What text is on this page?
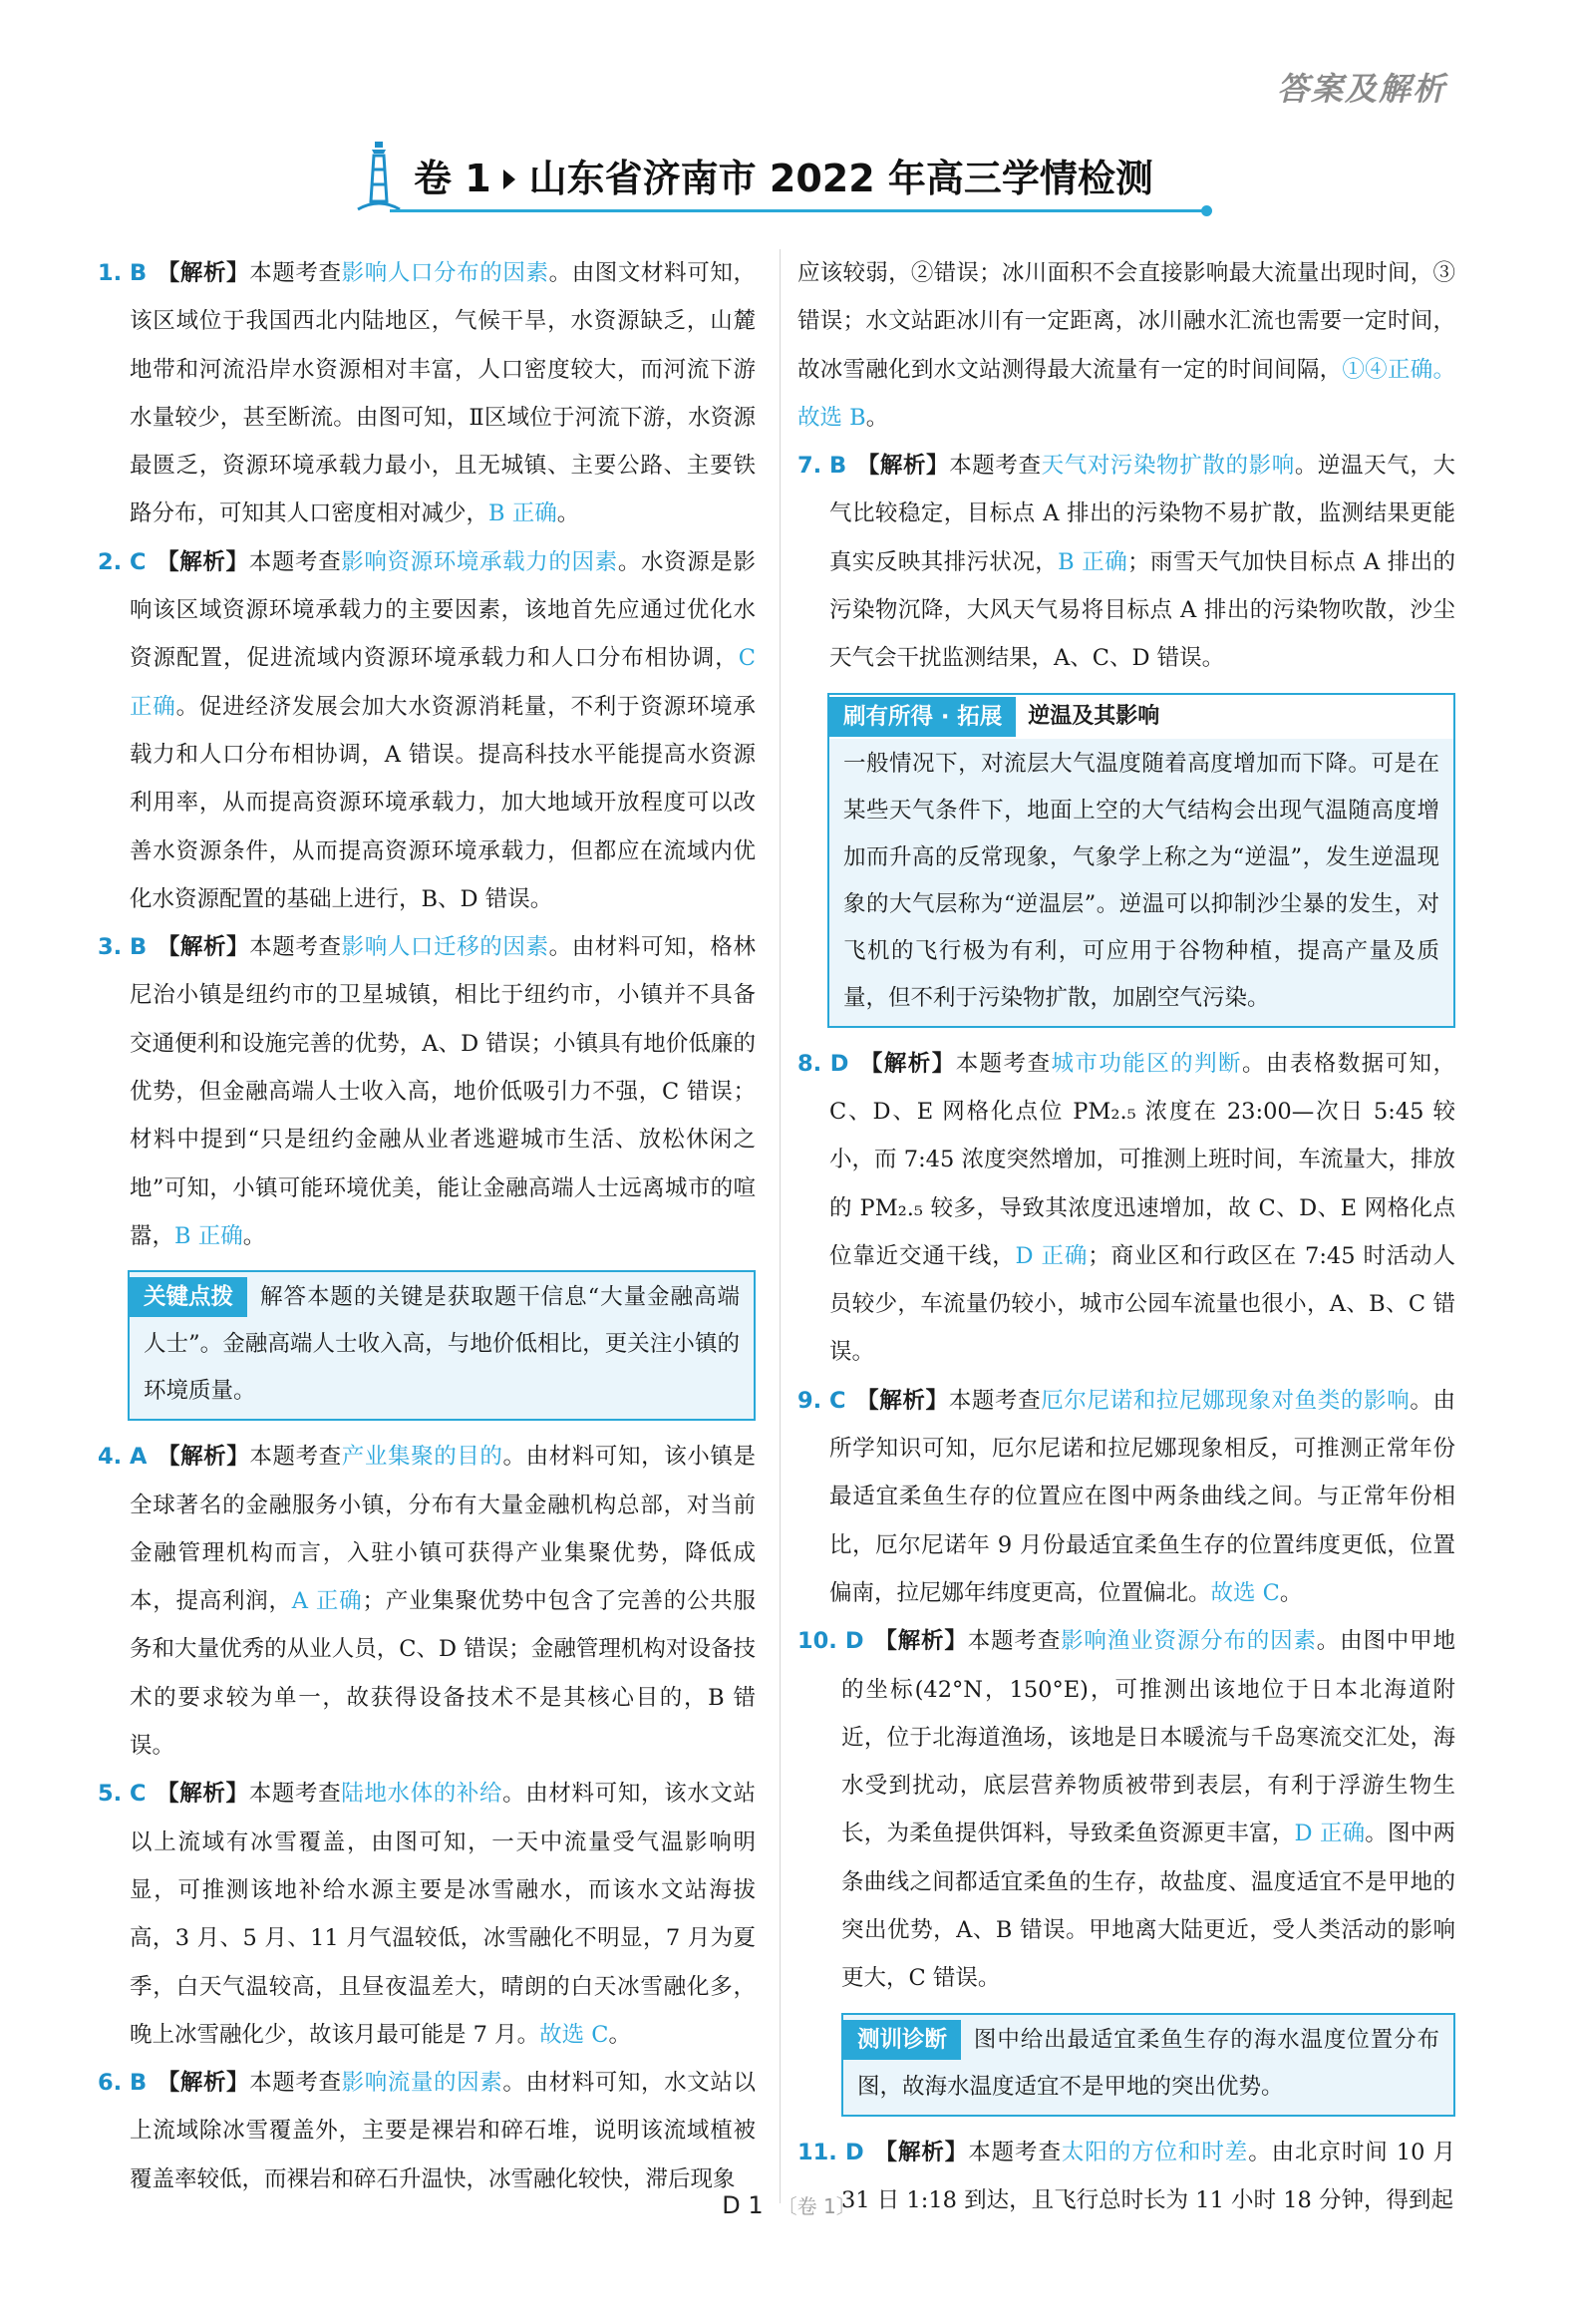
答案及解析
卷 1 山东省济南市 2022 年高三学情检测

1. B 【解析】本题考查影响人口分布的因素。由图文材料可知，该区域位于我国西北内陆地区，气候干旱，水资源缺乏，山麓地带和河流沿岸水资源相对丰富，人口密度较大，而河流下游水量较少，甚至断流。由图可知，Ⅱ区域位于河流下游，水资源最匮乏，资源环境承载力最小，且无城镇、主要公路、主要铁路分布，可知其人口密度相对减少，B 正确。

2. C 【解析】本题考查影响资源环境承载力的因素。水资源是影响该区域资源环境承载力的主要因素，该地首先应通过优化水资源配置，促进流域内资源环境承载力和人口分布相协调，C 正确。促进经济发展会加大水资源消耗量，不利于资源环境承载力和人口分布相协调，A 错误。提高科技水平能提高水资源利用率，从而提高资源环境承载力，加大地域开放程度可以改善水资源条件，从而提高资源环境承载力，但都应在流域内优化水资源配置的基础上进行，B、D 错误。

3. B 【解析】本题考查影响人口迁移的因素。由材料可知，格林尼治小镇是纽约市的卫星城镇，相比于纽约市，小镇并不具备交通便利和设施完善的优势，A、D 错误；小镇具有地价低廉的优势，但金融高端人士收入高，地价低吸引力不强，C 错误；材料中提到“只是纽约金融从业者逃避城市生活、放松休闲之地”可知，小镇可能环境优美，能让金融高端人士远离城市的喧嚣，B 正确。

关键点拨 解答本题的关键是获取题干信息“大量金融高端人士”。金融高端人士收入高，与地价低相比，更关注小镇的环境质量。

4. A 【解析】本题考查产业集聚的目的。由材料可知，该小镇是全球著名的金融服务小镇，分布有大量金融机构总部，对当前金融管理机构而言，入驻小镇可获得产业集聚优势，降低成本，提高利润，A 正确；产业集聚优势中包含了完善的公共服务和大量优秀的从业人员，C、D 错误；金融管理机构对设备技术的要求较为单一，故获得设备技术不是其核心目的，B 错误。

5. C 【解析】本题考查陆地水体的补给。由材料可知，该水文站以上流域有冰雪覆盖，由图可知，一天中流量受气温影响明显，可推测该地补给水源主要是冰雪融水，而该水文站海拔高，3 月、5 月、11 月气温较低，冰雪融化不明显，7 月为夏季，白天气温较高，且昼夜温差大，晴朗的白天冰雪融化多，晚上冰雪融化少，故该月最可能是 7 月。故选 C。

6. B 【解析】本题考查影响流量的因素。由材料可知，水文站以上流域除冰雪覆盖外，主要是裸岩和碎石堆，说明该流域植被覆盖率较低，而裸岩和碎石升温快，冰雪融化较快，滞后现象

应该较弱，②错误；冰川面积不会直接影响最大流量出现时间，③错误；水文站距冰川有一定距离，冰川融水汇流也需要一定时间，故冰雪融化到水文站测得最大流量有一定的时间间隔，①④正确。故选 B。

7. B 【解析】本题考查天气对污染物扩散的影响。逆温天气，大气比较稳定，目标点 A 排出的污染物不易扩散，监测结果更能真实反映其排污状况，B 正确；雨雪天气加快目标点 A 排出的污染物沉降，大风天气易将目标点 A 排出的污染物吹散，沙尘天气会干扰监测结果，A、C、D 错误。

刷有所得 · 拓展	逆温及其影响
一般情况下，对流层大气温度随着高度增加而下降。可是在某些天气条件下，地面上空的大气结构会出现气温随高度增加而升高的反常现象，气象学上称之为“逆温”，发生逆温现象的大气层称为“逆温层”。逆温可以抑制沙尘暴的发生，对飞机的飞行极为有利，可应用于谷物种植，提高产量及质量，但不利于污染物扩散，加剧空气污染。

8. D 【解析】本题考查城市功能区的判断。由表格数据可知，C、D、E 网格化点位 PM₂.₅ 浓度在 23:00—次日 5:45 较小，而 7:45 浓度突然增加，可推测上班时间，车流量大，排放的 PM₂.₅ 较多，导致其浓度迅速增加，故 C、D、E 网格化点位靠近交通干线，D 正确；商业区和行政区在 7:45 时活动人员较少，车流量仍较小，城市公园车流量也很小，A、B、C 错误。

9. C 【解析】本题考查厄尔尼诺和拉尼娜现象对鱼类的影响。由所学知识可知，厄尔尼诺和拉尼娜现象相反，可推测正常年份最适宜柔鱼生存的位置应在图中两条曲线之间。与正常年份相比，厄尔尼诺年 9 月份最适宜柔鱼生存的位置纬度更低，位置偏南，拉尼娜年纬度更高，位置偏北。故选 C。

10. D 【解析】本题考查影响渔业资源分布的因素。由图中甲地的坐标(42°N，150°E)，可推测出该地位于日本北海道附近，位于北海道渔场，该地是日本暖流与千岛寒流交汇处，海水受到扰动，底层营养物质被带到表层，有利于浮游生物生长，为柔鱼提供饵料，导致柔鱼资源更丰富，D 正确。图中两条曲线之间都适宜柔鱼的生存，故盐度、温度适宜不是甲地的突出优势，A、B 错误。甲地离大陆更近，受人类活动的影响更大，C 错误。

测训诊断 图中给出最适宜柔鱼生存的海水温度位置分布图，故海水温度适宜不是甲地的突出优势。

11. D 【解析】本题考查太阳的方位和时差。由北京时间 10 月 31 日 1:18 到达，且飞行总时长为 11 小时 18 分钟，得到起

D 1 〔卷 1〕
